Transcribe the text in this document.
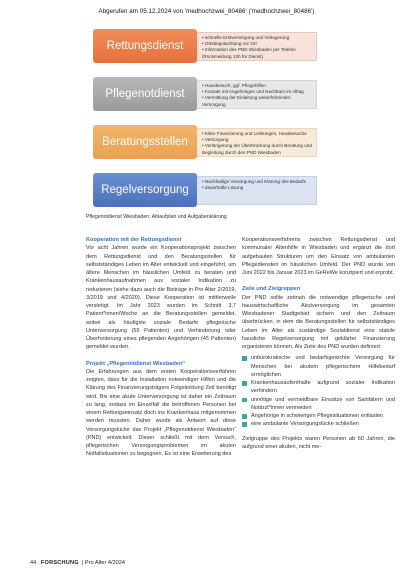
Abgerufen am 05.12.2024 von 'medhochzwei_80486' ('medhochzwei_80486')
Rettungsdienst
• schnelle Erstversorgung und Verlagerung
• Ortsbegutachtung vor Ort
• Information des PND Wiesbaden per Telefon (Rückmeldung 12h für Dienst)
Pflegenotdienst
• Hausbesuch, ggf. Pflegehilfen
• Kontakt mit Angehörigen und Nachbarn im Alltag
• Vermittlung der Einleitung weiterführender Versorgung
Beratungsstellen
• Kläre Finanzierung und Leistungen, Hausbesuche
• Versorgung
• Verlängerung der Überbrückung durch Beratung und Begleitung durch den PND Wiesbaden
Regelversorgung
• Nachhaltige Versorgung und Klärung des Bedarfs
• dauerhafte Lösung
Pflegenotdienst Wiesbaden: Ablaufplan und Aufgabenklärung
Kooperation mit der Rettungsdienst

Vor acht Jahren wurde ein Kooperationsprojekt zwischen dem Rettungsdienst und den Beratungsstellen für selbstständiges Leben im Alter entwickelt und eingeführt, um ältere Menschen im häuslichen Umfeld zu beraten und Krankenhausaufnahmen aus sozialer Indikation zu reduzieren (siehe dazu auch die Beiträge in Pro Alter 2/2019, 3/2019 und 4/2020). Diese Kooperation ist mittlerweile verstetigt. Im Jahr 2023 wurden im Schnitt 3,7 Patient*innen/Woche an die Beratungsstellen gemeldet, wobei als häufigste soziale Bedarfe pflegerische Unterversorgung (55 Patienten) und Verhinderung oder Überforderung eines pflegenden Angehörigen (45 Patienten) gemeldet wurden.

Projekt „Pflegenotdienst Wiesbaden“

Die Erfahrungen aus dem ersten Kooperationsverfahren zeigten, dass für die Installation notwendiger Hilfen und die Klärung des Finanzierungsträgers Folgeleistung Zeit benötigt wird. Bis eine akute Unterversorgung ist daher ein Zeitraum zu lang, sodass im Einzelfall die betroffenen Personen bei einem Rettungseinsatz doch ins Krankenhaus mitgenommen werden mussten. Daher wurde als Antwort auf diese Versorgungslücke das Projekt „Pflegenotdienst Wiesbaden“ (PND) entwickelt. Dieser schließt mit dem Versuch, pflegerischen Versorgungsproblemen im akuten Notfallsituationen zu begegnen. Es ist eine Erweiterung des

Kooperationsverfahrens zwischen Rettungsdienst und kommunaler Altenhilfe in Wiesbaden und ergänzt die dort aufgebauten Strukturen um den Einsatz von ambulanten Pflegediensten im häuslichen Umfeld. Der PND wurde von Juni 2022 bis Januar 2023 im GeReWe konzipiert und erprobt.

Ziele und Zielgruppen

Der PND sollte zeitnah die notwendige pflegerische und hauswirtschaftliche Akutversorgung im gesamten Wiesbadener Stadtgebiet sichern und den Zeitraum überbrücken, in dem die Beratungsstellen für selbstständiges Leben im Alter als zuständige Sozialdienst eine stabile hausliche Regelversorgung mit geklärter Finanzierung organisieren können. Als Ziele des PND wurden definiert:

unbürokratische und bedarfsgerechte Versorgung für Menschen bei akutem pflegerischem Hilfebedarf ermöglichen
Krankenhausaufenthalte aufgrund sozialer Indikation verhindern
unnötige und vermeidbare Einsätze von Sanitätern und Notärzt*innen vermeiden
Angehörige in schwierigen Pflegesituationen entlasten
eine ambulante Versorgungslücke schließen

Zielgruppe des Projekts waren Personen ab 60 Jahren, die aufgrund einer akuten, nicht me-

44 FORSCHUNG  | Pro Alter 4/2024
